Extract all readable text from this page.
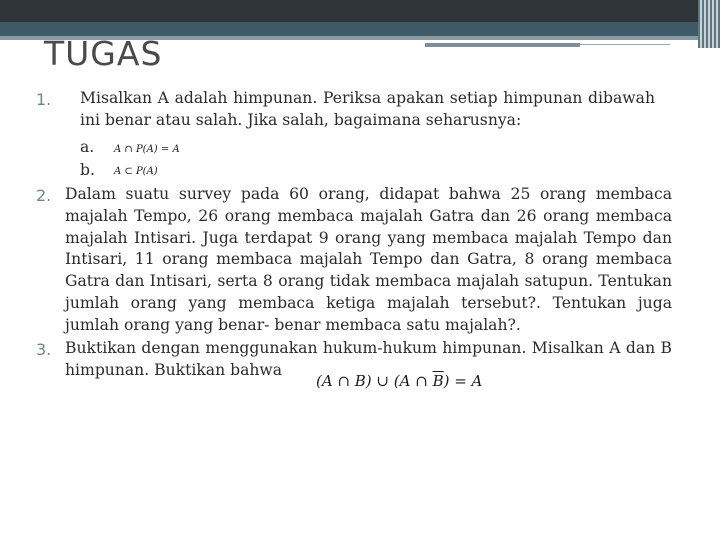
TUGAS
1. Misalkan A adalah himpunan. Periksa apakan setiap himpunan dibawah ini benar atau salah. Jika salah, bagaimana seharusnya:
a. A ∩ P(A) = A
b. A ⊂ P(A)
2. Dalam suatu survey pada 60 orang, didapat bahwa 25 orang membaca majalah Tempo, 26 orang membaca majalah Gatra dan 26 orang membaca majalah Intisari. Juga terdapat 9 orang yang membaca majalah Tempo dan Intisari, 11 orang membaca majalah Tempo dan Gatra, 8 orang membaca Gatra dan Intisari, serta 8 orang tidak membaca majalah satupun. Tentukan jumlah orang yang membaca ketiga majalah tersebut?. Tentukan juga jumlah orang yang benar- benar membaca satu majalah?.
3. Buktikan dengan menggunakan hukum-hukum himpunan. Misalkan A dan B himpunan. Buktikan bahwa
(A ∩ B) ∪ (A ∩ $\overline{B}) = A$
